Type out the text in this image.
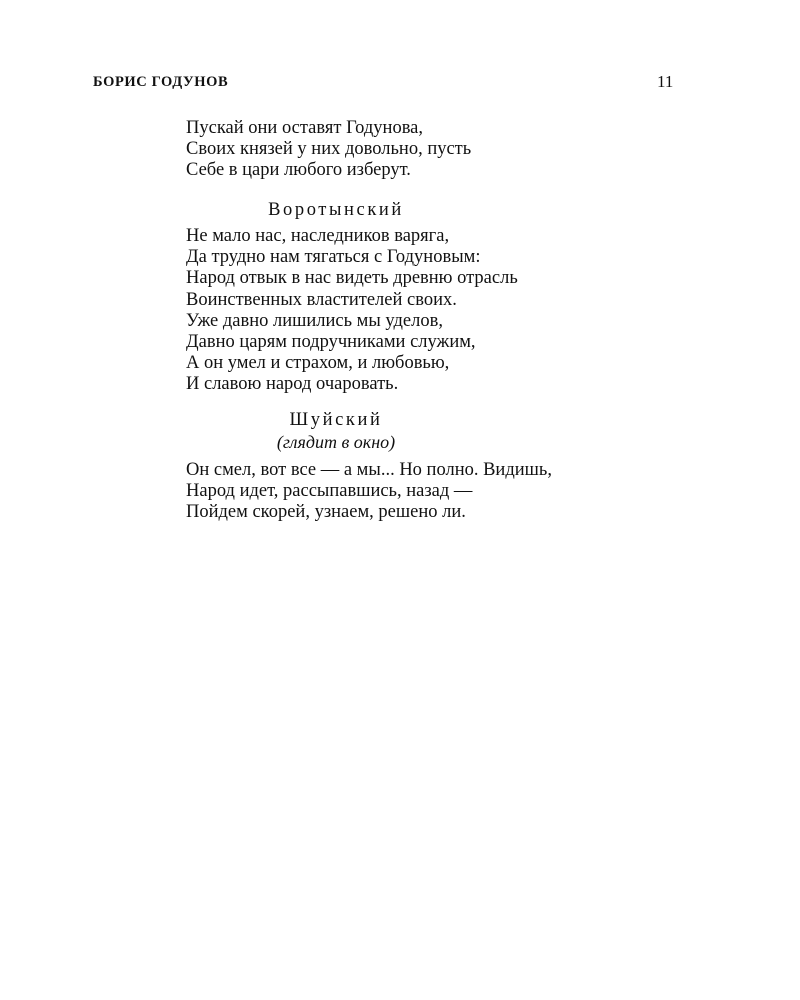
БОРИС ГОДУНОВ	11
Пускай они оставят Годунова,
Своих князей у них довольно, пусть
Себе в цари любого изберут.
Воротынский
Не мало нас, наследников варяга,
Да трудно нам тягаться с Годуновым:
Народ отвык в нас видеть древню отрасль
Воинственных властителей своих.
Уже давно лишились мы уделов,
Давно царям подручниками служим,
А он умел и страхом, и любовью,
И славою народ очаровать.
Шуйский
(глядит в окно)
Он смел, вот все — а мы... Но полно. Видишь,
Народ идет, рассыпавшись, назад —
Пойдем скорей, узнаем, решено ли.
